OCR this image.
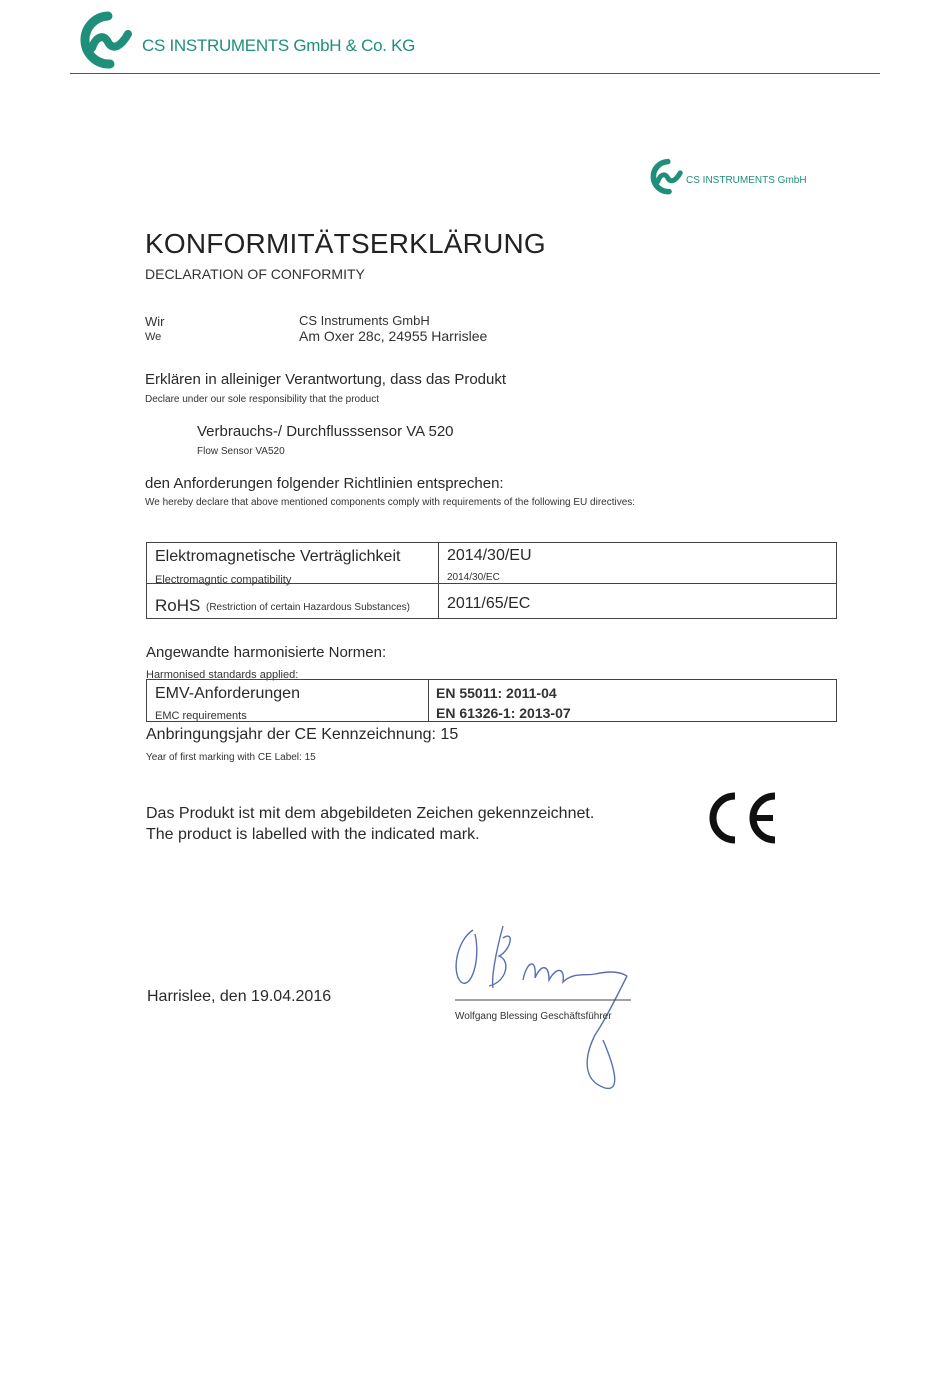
CS INSTRUMENTS GmbH & Co. KG
CS INSTRUMENTS GmbH
KONFORMITÄTSERKLÄRUNG
DECLARATION OF CONFORMITY
Wir
We
CS Instruments GmbH
Am Oxer 28c, 24955 Harrislee
Erklären in alleiniger Verantwortung, dass das Produkt
Declare under our sole responsibility that the product
Verbrauchs-/ Durchflusssensor VA 520
Flow Sensor VA520
den Anforderungen folgender Richtlinien entsprechen:
We hereby declare that above mentioned components comply with requirements of the following EU directives:
Elektromagnetische Verträglichkeit
Electromagntic compatibility
2014/30/EU
2014/30/EC
RoHS (Restriction of certain Hazardous Substances) 2011/65/EC
Angewandte harmonisierte Normen:
Harmonised standards applied:
EMV-Anforderungen
EMC requirements
EN 55011: 2011-04
EN 61326-1: 2013-07
Anbringungsjahr der CE Kennzeichnung: 15
Year of first marking with CE Label: 15
Das Produkt ist mit dem abgebildeten Zeichen gekennzeichnet.
The product is labelled with the indicated mark.
Harrislee, den 19.04.2016
Wolfgang Blessing Geschäftsführer
